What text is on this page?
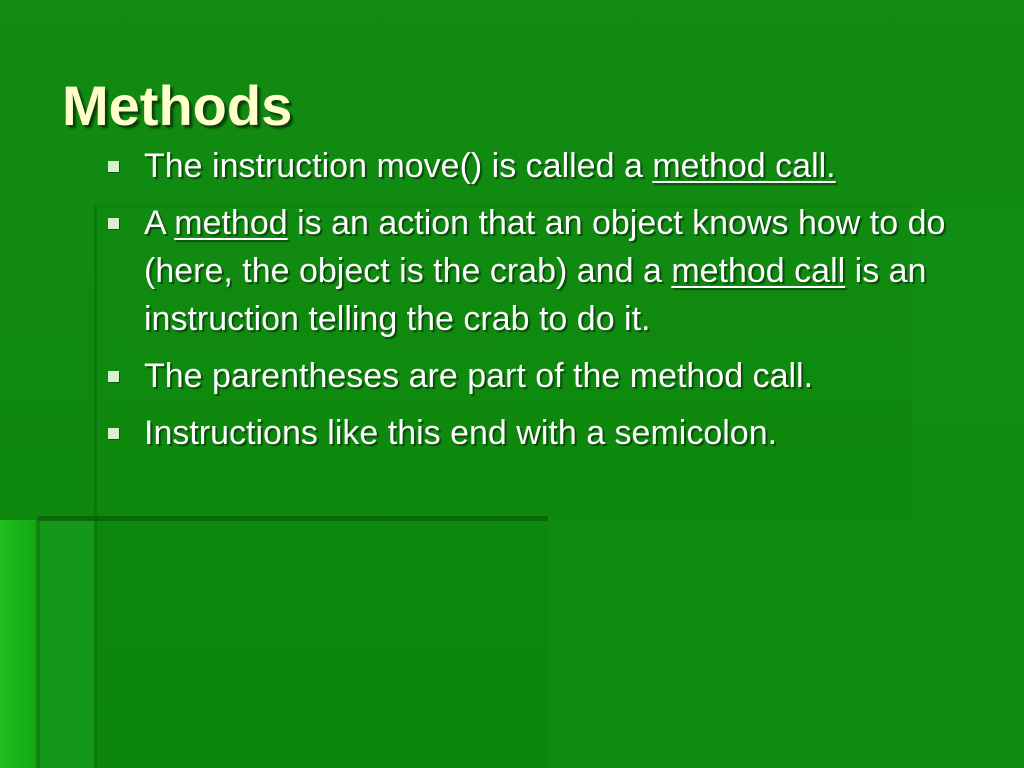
Methods
The instruction move() is called a method call.
A method is an action that an object knows how to do (here, the object is the crab) and a method call is an instruction telling the crab to do it.
The parentheses are part of the method call.
Instructions like this end with a semicolon.
